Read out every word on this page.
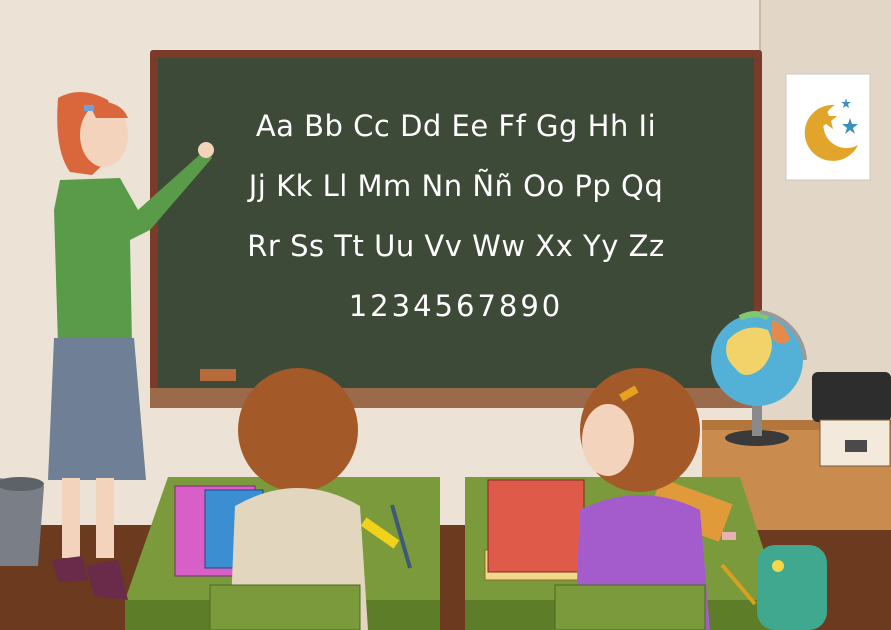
Aa Bb Cc Dd Ee Ff Gg Hh Ii
Jj Kk Ll Mm Nn Ññ Oo Pp Qq
Rr Ss Tt Uu Vv Ww Xx Yy Zz
1234567890
